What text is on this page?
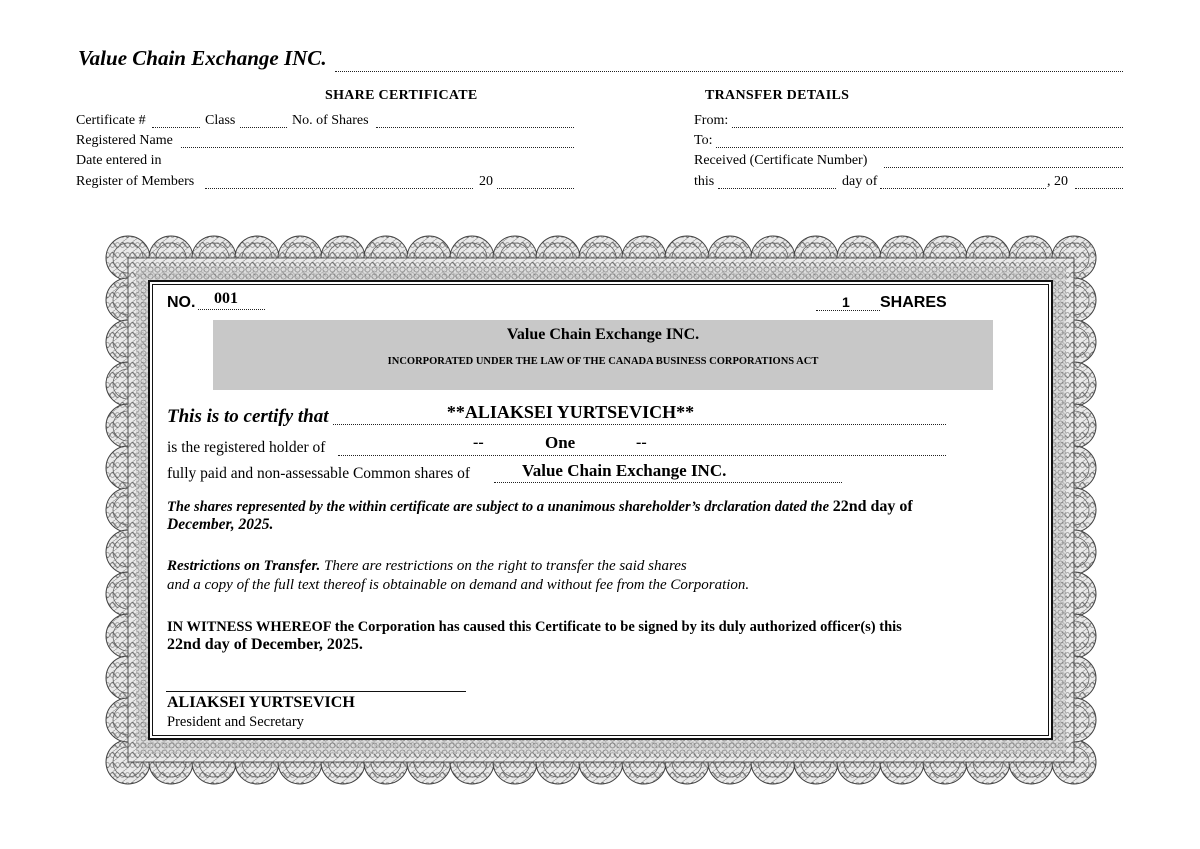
Value Chain Exchange INC.
SHARE CERTIFICATE
Certificate #	Class	No. of Shares
Registered Name
Date entered in
Register of Members	20
TRANSFER DETAILS
From:
To:
Received (Certificate Number)
this	day of	, 20
NO. 001	1 SHARES
Value Chain Exchange INC.
INCORPORATED UNDER THE LAW OF THE CANADA BUSINESS CORPORATIONS ACT
This is to certify that	**ALIAKSEI YURTSEVICH**
is the registered holder of	--	One	--
fully paid and non-assessable Common shares of	Value Chain Exchange INC.
The shares represented by the within certificate are subject to a unanimous shareholder’s drclaration dated the 22nd day of
December, 2025.
Restrictions on Transfer. There are restrictions on the right to transfer the said shares
and a copy of the full text thereof is obtainable on demand and without fee from the Corporation.
IN WITNESS WHEREOF the Corporation has caused this Certificate to be signed by its duly authorized officer(s) this
22nd day of December, 2025.
ALIAKSEI YURTSEVICH
President and Secretary
